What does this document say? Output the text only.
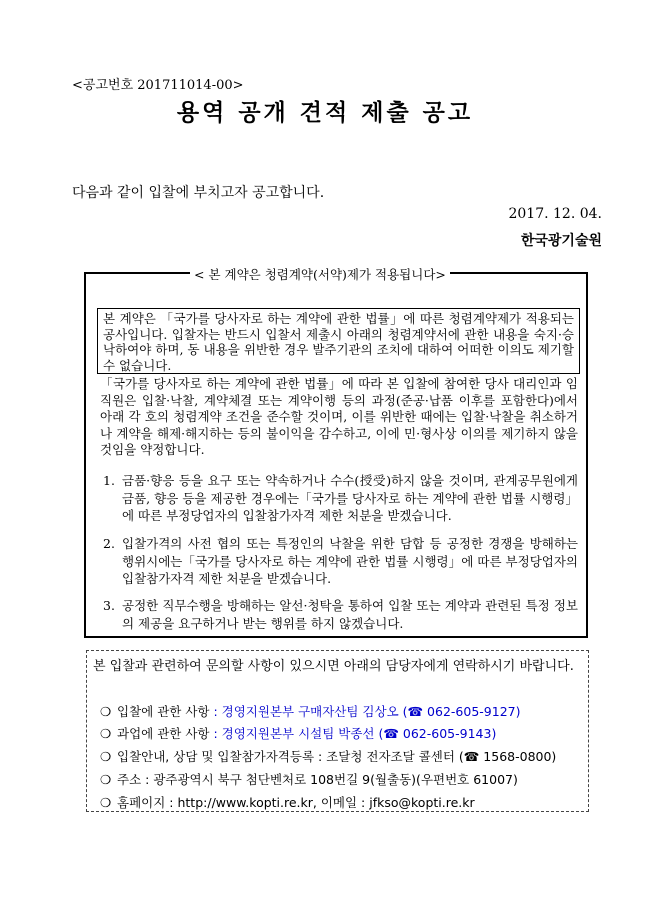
<공고번호 201711014-00>
용역 공개 견적 제출 공고
다음과 같이 입찰에 부치고자 공고합니다.
2017. 12. 04.
한국광기술원
< 본 계약은 청렴계약(서약)제가 적용됩니다>
본 계약은 「국가를 당사자로 하는 계약에 관한 법률」에 따른 청렴계약제가 적용되는 공사입니다. 입찰자는 반드시 입찰서 제출시 아래의 청렴계약서에 관한 내용을 숙지·승낙하여야 하며, 동 내용을 위반한 경우 발주기관의 조치에 대하여 어떠한 이의도 제기할 수 없습니다.
「국가를 당사자로 하는 계약에 관한 법률」에 따라 본 입찰에 참여한 당사 대리인과 임직원은 입찰·낙찰, 계약체결 또는 계약이행 등의 과정(준공·납품 이후를 포함한다)에서 아래 각 호의 청렴계약 조건을 준수할 것이며, 이를 위반한 때에는 입찰·낙찰을 취소하거나 계약을 해제·해지하는 등의 불이익을 감수하고, 이에 민·형사상 이의를 제기하지 않을 것임을 약정합니다.
1. 금품·향응 등을 요구 또는 약속하거나 수수(授受)하지 않을 것이며, 관계공무원에게 금품, 향응 등을 제공한 경우에는「국가를 당사자로 하는 계약에 관한 법률 시행령」에 따른 부정당업자의 입찰참가자격 제한 처분을 받겠습니다.
2. 입찰가격의 사전 협의 또는 특정인의 낙찰을 위한 담합 등 공정한 경쟁을 방해하는 행위시에는「국가를 당사자로 하는 계약에 관한 법률 시행령」에 따른 부정당업자의 입찰참가자격 제한 처분을 받겠습니다.
3. 공정한 직무수행을 방해하는 알선·청탁을 통하여 입찰 또는 계약과 관련된 특정 정보의 제공을 요구하거나 받는 행위를 하지 않겠습니다.
본 입찰과 관련하여 문의할 사항이 있으시면 아래의 담당자에게 연락하시기 바랍니다.
❍ 입찰에 관한 사항 : 경영지원본부 구매자산팀 김상오 (☎ 062-605-9127)
❍ 과업에 관한 사항 : 경영지원본부 시설팀 박종선 (☎ 062-605-9143)
❍ 입찰안내, 상담 및 입찰참가자격등록 : 조달청 전자조달 콜센터 (☎ 1568-0800)
❍ 주소 : 광주광역시 북구 첨단벤처로 108번길 9(월출동)(우편번호 61007)
❍ 홈페이지 : http://www.kopti.re.kr, 이메일 : jfkso@kopti.re.kr
